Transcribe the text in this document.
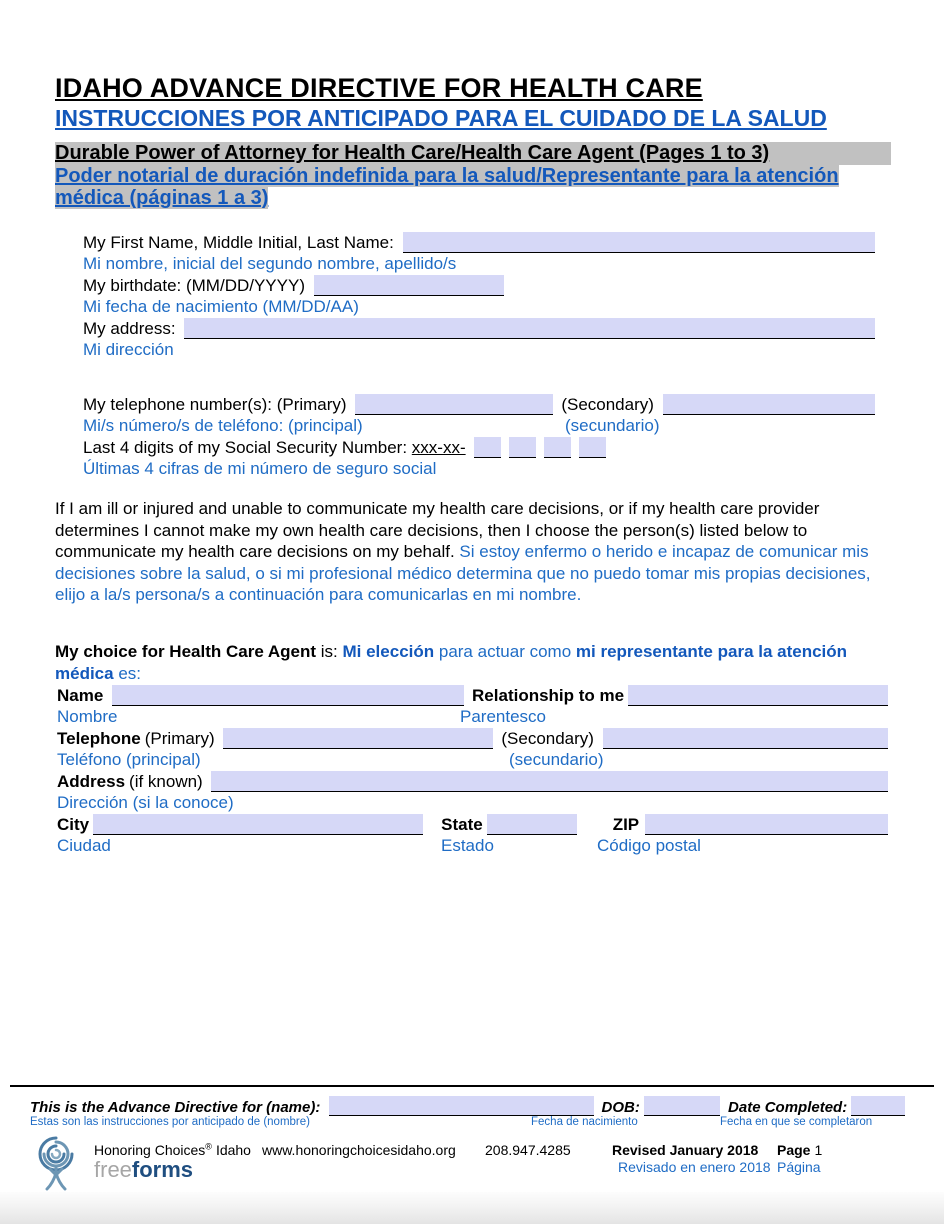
IDAHO ADVANCE DIRECTIVE FOR HEALTH CARE
INSTRUCCIONES POR ANTICIPADO PARA EL CUIDADO DE LA SALUD
Durable Power of Attorney for Health Care/Health Care Agent (Pages 1 to 3)
Poder notarial de duración indefinida para la salud/Representante para la atención médica (páginas 1 a 3)
My First Name, Middle Initial, Last Name:
Mi nombre, inicial del segundo nombre, apellido/s
My birthdate: (MM/DD/YYYY)
Mi fecha de nacimiento (MM/DD/AA)
My address:
Mi dirección
My telephone number(s): (Primary)	(Secondary)
Mi/s número/s de teléfono: (principal)	(secundario)
Last 4 digits of my Social Security Number: xxx-xx-
Últimas 4 cifras de mi número de seguro social
If I am ill or injured and unable to communicate my health care decisions, or if my health care provider determines I cannot make my own health care decisions, then I choose the person(s) listed below to communicate my health care decisions on my behalf. Si estoy enfermo o herido e incapaz de comunicar mis decisiones sobre la salud, o si mi profesional médico determina que no puedo tomar mis propias decisiones, elijo a la/s persona/s a continuación para comunicarlas en mi nombre.
My choice for Health Care Agent is: Mi elección para actuar como mi representante para la atención médica es:
Name	Relationship to me
Nombre	Parentesco
Telephone (Primary)	(Secondary)
Teléfono (principal)	(secundario)
Address (if known)
Dirección (si la conoce)
City	State	ZIP
Ciudad	Estado	Código postal
This is the Advance Directive for (name):	DOB:	Date Completed:
Estas son las instrucciones por anticipado de (nombre)	Fecha de nacimiento	Fecha en que se completaron
Honoring Choices® Idaho www.honoringchoicesidaho.org 208.947.4285	Revised January 2018
Revisado en enero 2018
Page 1
Página
freeforms
